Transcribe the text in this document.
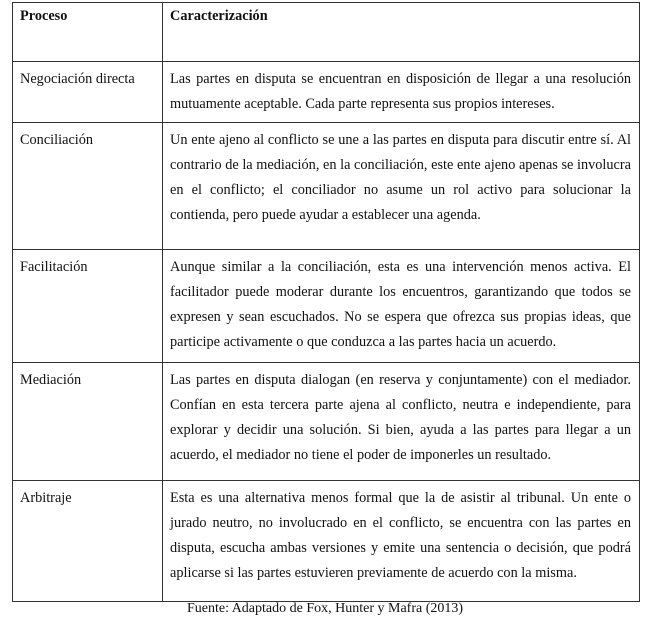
Proceso	Caracterización
Negociación directa	Las partes en disputa se encuentran en disposición de llegar a una resolución mutuamente aceptable. Cada parte representa sus propios intereses.
Conciliación	Un ente ajeno al conflicto se une a las partes en disputa para discutir entre sí. Al contrario de la mediación, en la conciliación, este ente ajeno apenas se involucra en el conflicto; el conciliador no asume un rol activo para solucionar la contienda, pero puede ayudar a establecer una agenda.
Facilitación	Aunque similar a la conciliación, esta es una intervención menos activa. El facilitador puede moderar durante los encuentros, garantizando que todos se expresen y sean escuchados. No se espera que ofrezca sus propias ideas, que participe activamente o que conduzca a las partes hacia un acuerdo.
Mediación	Las partes en disputa dialogan (en reserva y conjuntamente) con el mediador. Confían en esta tercera parte ajena al conflicto, neutra e independiente, para explorar y decidir una solución. Si bien, ayuda a las partes para llegar a un acuerdo, el mediador no tiene el poder de imponerles un resultado.
Arbitraje	Esta es una alternativa menos formal que la de asistir al tribunal. Un ente o jurado neutro, no involucrado en el conflicto, se encuentra con las partes en disputa, escucha ambas versiones y emite una sentencia o decisión, que podrá aplicarse si las partes estuvieren previamente de acuerdo con la misma.
Fuente: Adaptado de Fox, Hunter y Mafra (2013)
